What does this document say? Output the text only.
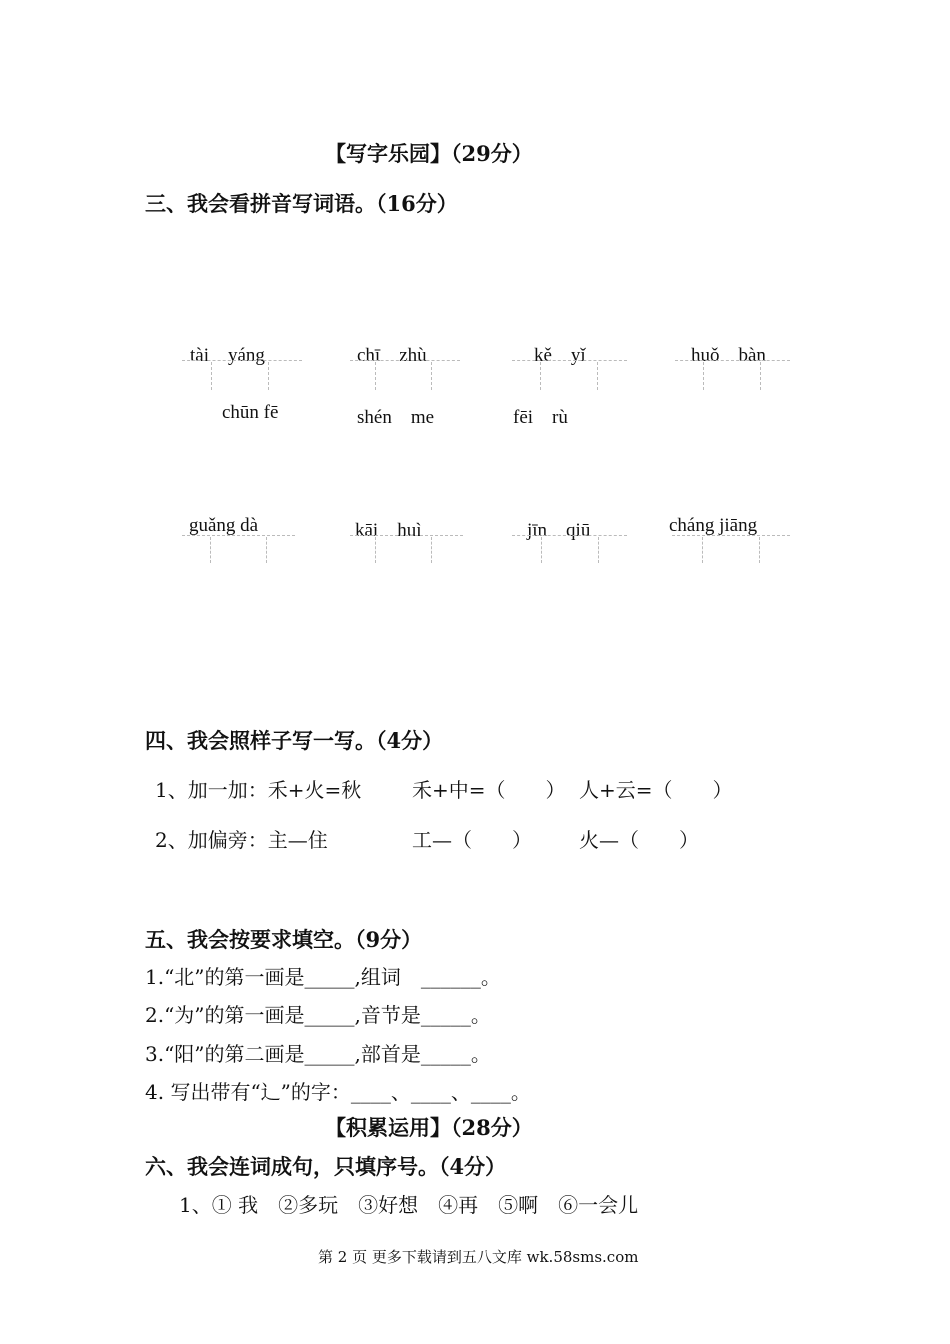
【写字乐园】（29分）
三、我会看拼音写词语。（16分）
tài　yáng	chī　zhù	kě　yǐ	huǒ　bàn
chūn fē	shén　me	fēi　rù
guǎng dà	kāi　huì	jīn　qiū	cháng jiāng
四、我会照样子写一写。（4分）
1、加一加：禾+火=秋	禾+中=（　　） 人+云=（　　）
2、加偏旁：主—住	工—（　　） 火—（　　）
五、我会按要求填空。（9分）
1.“北”的第一画是_____,组词　______。
2.“为”的第一画是_____,音节是_____。
3.“阳”的第二画是_____,部首是_____。
4. 写出带有“辶”的字：____、____、____。
【积累运用】（28分）
六、我会连词成句，只填序号。（4分）
1、① 我　②多玩　③好想　④再　⑤啊　⑥一会儿
第 2 页 更多下载请到五八文库 wk.58sms.com
